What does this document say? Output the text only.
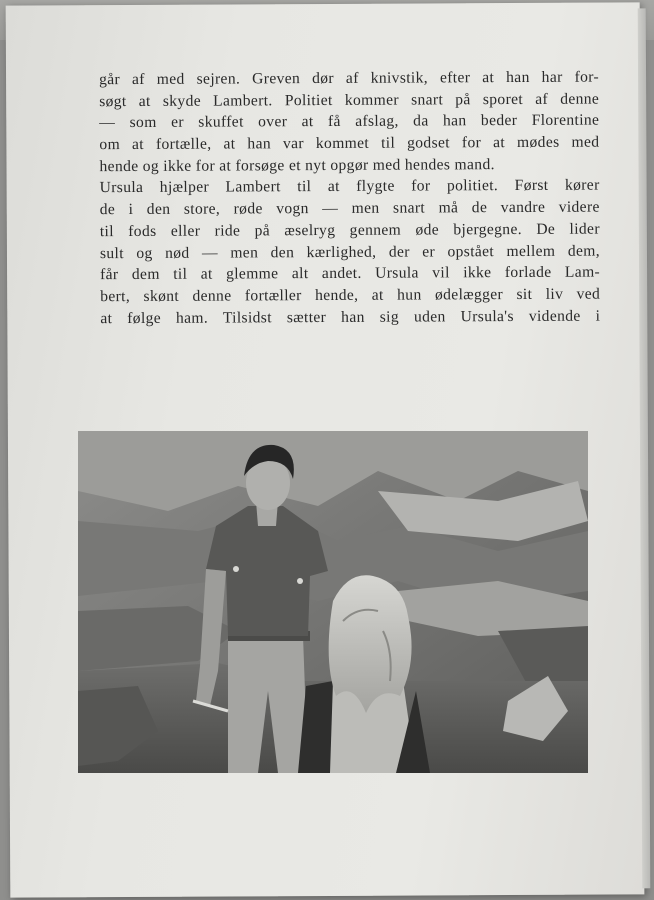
går af med sejren. Greven dør af knivstik, efter at han har for-
søgt at skyde Lambert. Politiet kommer snart på sporet af denne
— som er skuffet over at få afslag, da han beder Florentine
om at fortælle, at han var kommet til godset for at mødes med
hende og ikke for at forsøge et nyt opgør med hendes mand.
Ursula hjælper Lambert til at flygte for politiet. Først kører
de i den store, røde vogn — men snart må de vandre videre
til fods eller ride på æselryg gennem øde bjergegne. De lider
sult og nød — men den kærlighed, der er opstået mellem dem,
får dem til at glemme alt andet. Ursula vil ikke forlade Lam-
bert, skønt denne fortæller hende, at hun ødelægger sit liv ved
at følge ham. Tilsidst sætter han sig uden Ursula's vidende i
